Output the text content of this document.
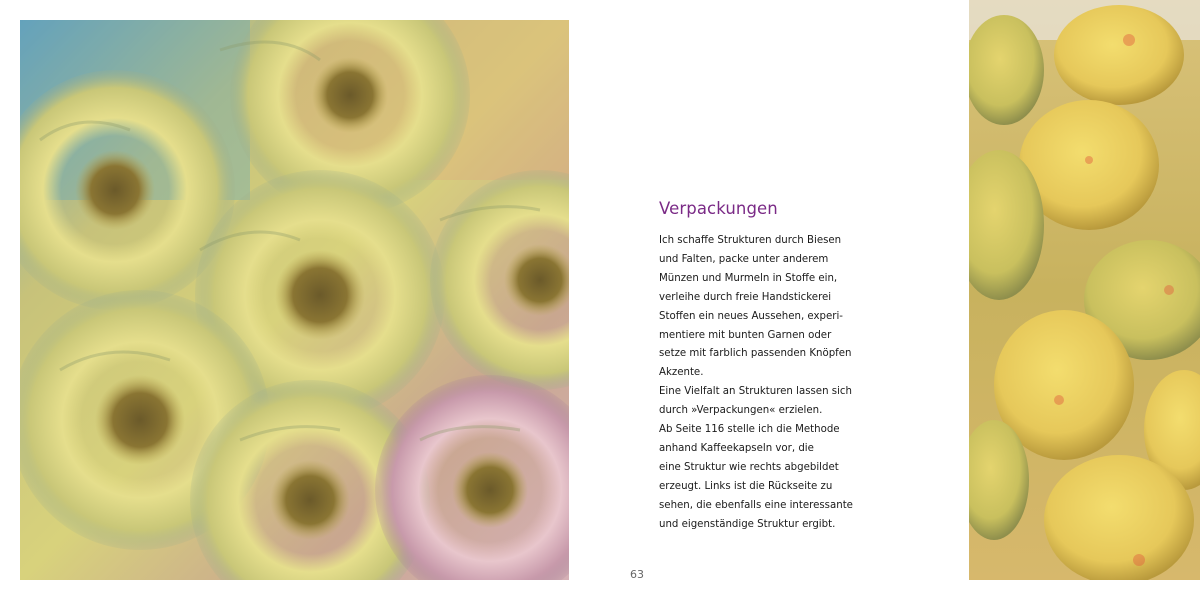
Verpackungen
Ich schaffe Strukturen durch Biesen
und Falten, packe unter anderem
Münzen und Murmeln in Stoffe ein,
verleihe durch freie Handstickerei
Stoffen ein neues Aussehen, experi-
mentiere mit bunten Garnen oder
setze mit farblich passenden Knöpfen
Akzente.
Eine Vielfalt an Strukturen lassen sich
durch »Verpackungen« erzielen.
Ab Seite 116 stelle ich die Methode
anhand Kaffeekapseln vor, die
eine Struktur wie rechts abgebildet
erzeugt. Links ist die Rückseite zu
sehen, die ebenfalls eine interessante
und eigenständige Struktur ergibt.
63
